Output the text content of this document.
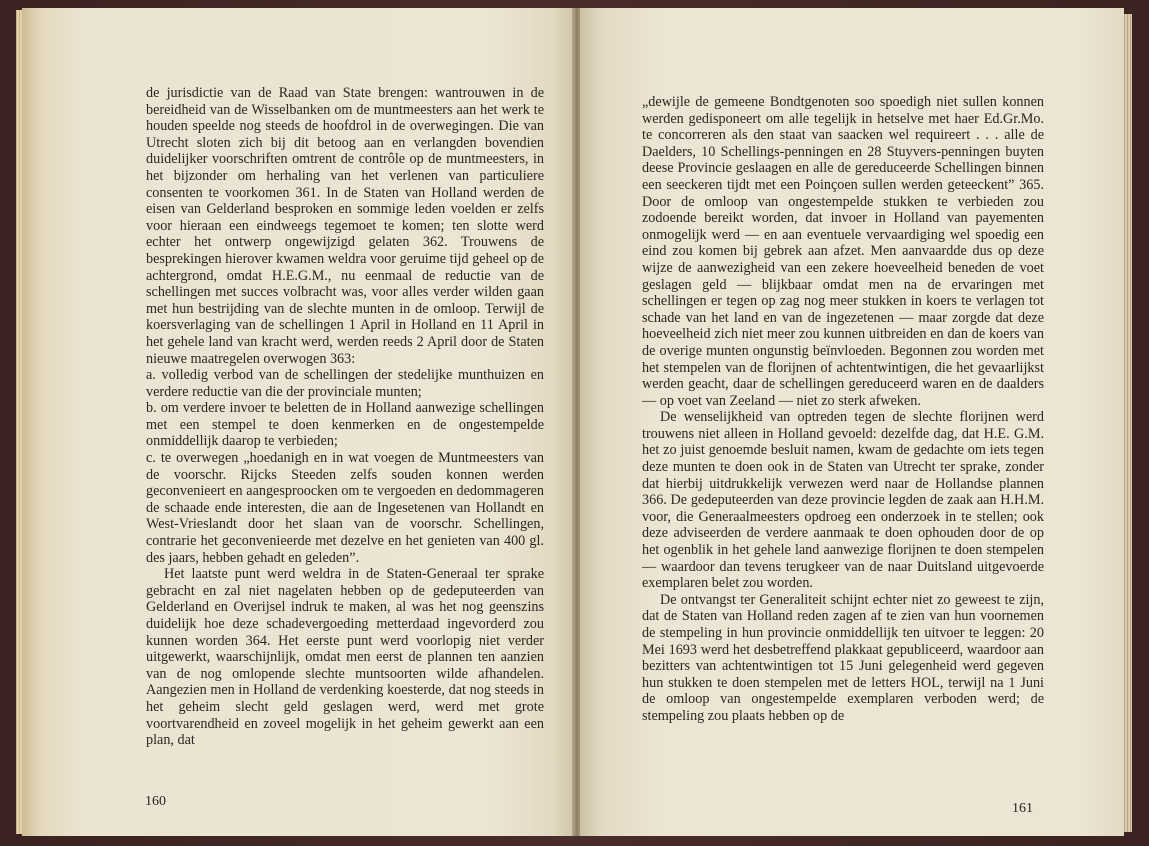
de jurisdictie van de Raad van State brengen: wantrouwen in de bereidheid van de Wisselbanken om de muntmeesters aan het werk te houden speelde nog steeds de hoofdrol in de overwegingen. Die van Utrecht sloten zich bij dit betoog aan en verlangden bovendien duidelijker voorschriften omtrent de contrôle op de muntmeesters, in het bijzonder om herhaling van het verlenen van particuliere consenten te voorkomen 361. In de Staten van Holland werden de eisen van Gelderland besproken en sommige leden voelden er zelfs voor hieraan een eindweegs tegemoet te komen; ten slotte werd echter het ontwerp ongewijzigd gelaten 362. Trouwens de besprekingen hierover kwamen weldra voor geruime tijd geheel op de achtergrond, omdat H.E.G.M., nu eenmaal de reductie van de schellingen met succes volbracht was, voor alles verder wilden gaan met hun bestrijding van de slechte munten in de omloop. Terwijl de koersverlaging van de schellingen 1 April in Holland en 11 April in het gehele land van kracht werd, werden reeds 2 April door de Staten nieuwe maatregelen overwogen 363:

a. volledig verbod van de schellingen der stedelijke munthuizen en verdere reductie van die der provinciale munten;

b. om verdere invoer te beletten de in Holland aanwezige schellingen met een stempel te doen kenmerken en de ongestempelde onmiddellijk daarop te verbieden;

c. te overwegen „hoedanigh en in wat voegen de Muntmeesters van de voorschr. Rijcks Steeden zelfs souden konnen werden geconvenieert en aangesproocken om te vergoeden en dedommageren de schaade ende interesten, die aan de Ingesetenen van Hollandt en West-Vrieslandt door het slaan van de voorschr. Schellingen, contrarie het geconvenieerde met dezelve en het genieten van 400 gl. des jaars, hebben gehadt en geleden”.

Het laatste punt werd weldra in de Staten-Generaal ter sprake gebracht en zal niet nagelaten hebben op de gedeputeerden van Gelderland en Overijsel indruk te maken, al was het nog geenszins duidelijk hoe deze schadevergoeding metterdaad ingevorderd zou kunnen worden 364. Het eerste punt werd voorlopig niet verder uitgewerkt, waarschijnlijk, omdat men eerst de plannen ten aanzien van de nog omlopende slechte muntsoorten wilde afhandelen. Aangezien men in Holland de verdenking koesterde, dat nog steeds in het geheim slecht geld geslagen werd, werd met grote voortvarendheid en zoveel mogelijk in het geheim gewerkt aan een plan, dat

160

„dewijle de gemeene Bondtgenoten soo spoedigh niet sullen konnen werden gedisponeert om alle tegelijk in hetselve met haer Ed.Gr.Mo. te concorreren als den staat van saacken wel requireert . . . alle de Daelders, 10 Schellings-penningen en 28 Stuyvers-penningen buyten deese Provincie geslaagen en alle de gereduceerde Schellingen binnen een seeckeren tijdt met een Poinçoen sullen werden geteeckent” 365. Door de omloop van ongestempelde stukken te verbieden zou zodoende bereikt worden, dat invoer in Holland van payementen onmogelijk werd — en aan eventuele vervaardiging wel spoedig een eind zou komen bij gebrek aan afzet. Men aanvaardde dus op deze wijze de aanwezigheid van een zekere hoeveelheid beneden de voet geslagen geld — blijkbaar omdat men na de ervaringen met schellingen er tegen op zag nog meer stukken in koers te verlagen tot schade van het land en van de ingezetenen — maar zorgde dat deze hoeveelheid zich niet meer zou kunnen uitbreiden en dan de koers van de overige munten ongunstig beïnvloeden. Begonnen zou worden met het stempelen van de florijnen of achtentwintigen, die het gevaarlijkst werden geacht, daar de schellingen gereduceerd waren en de daalders — op voet van Zeeland — niet zo sterk afweken.

De wenselijkheid van optreden tegen de slechte florijnen werd trouwens niet alleen in Holland gevoeld: dezelfde dag, dat H.E. G.M. het zo juist genoemde besluit namen, kwam de gedachte om iets tegen deze munten te doen ook in de Staten van Utrecht ter sprake, zonder dat hierbij uitdrukkelijk verwezen werd naar de Hollandse plannen 366. De gedeputeerden van deze provincie legden de zaak aan H.H.M. voor, die Generaalmeesters opdroeg een onderzoek in te stellen; ook deze adviseerden de verdere aanmaak te doen ophouden door de op het ogenblik in het gehele land aanwezige florijnen te doen stempelen — waardoor dan tevens terugkeer van de naar Duitsland uitgevoerde exemplaren belet zou worden.

De ontvangst ter Generaliteit schijnt echter niet zo geweest te zijn, dat de Staten van Holland reden zagen af te zien van hun voornemen de stempeling in hun provincie onmiddellijk ten uitvoer te leggen: 20 Mei 1693 werd het desbetreffend plakkaat gepubliceerd, waardoor aan bezitters van achtentwintigen tot 15 Juni gelegenheid werd gegeven hun stukken te doen stempelen met de letters HOL, terwijl na 1 Juni de omloop van ongestempelde exemplaren verboden werd; de stempeling zou plaats hebben op de

161
